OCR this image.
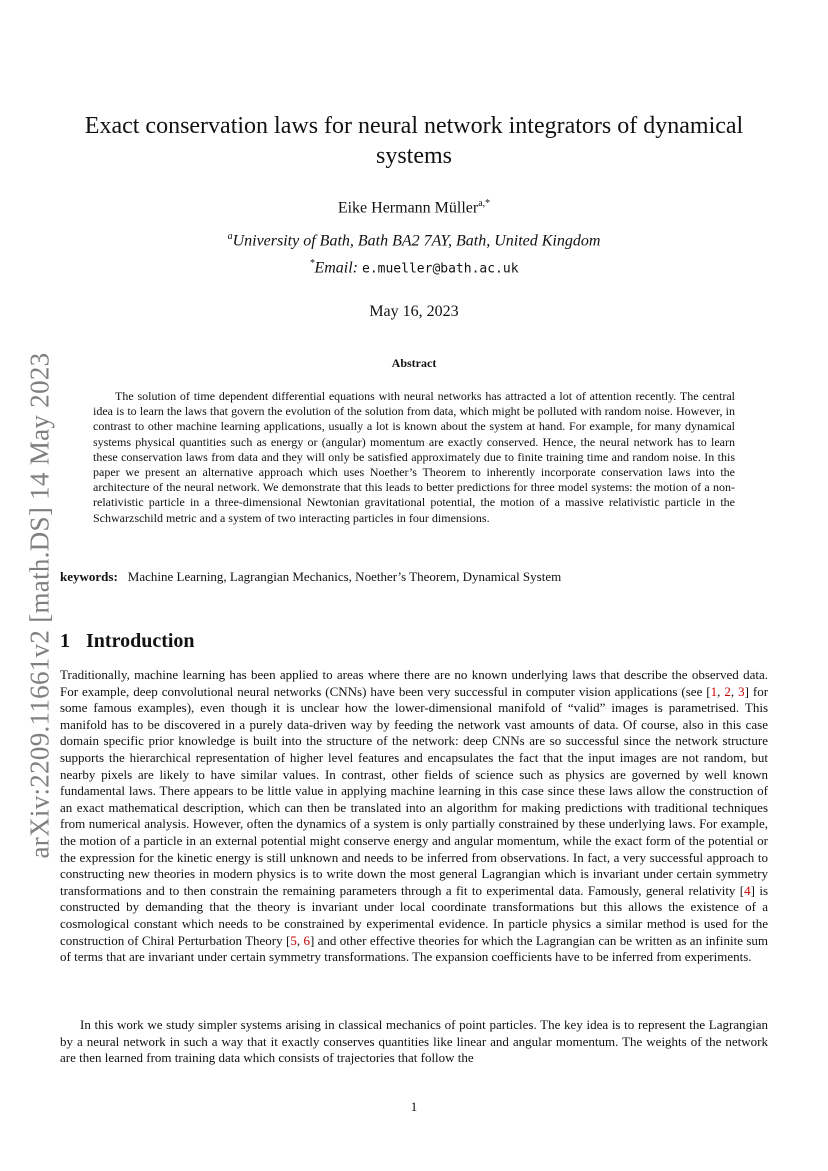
arXiv:2209.11661v2 [math.DS] 14 May 2023
Exact conservation laws for neural network integrators of dynamical systems
Eike Hermann Müller$^{a,*}$
$^a$University of Bath, Bath BA2 7AY, Bath, United Kingdom
*Email: e.mueller@bath.ac.uk
May 16, 2023
Abstract

The solution of time dependent differential equations with neural networks has attracted a lot of attention recently. The central idea is to learn the laws that govern the evolution of the solution from data, which might be polluted with random noise. However, in contrast to other machine learning applications, usually a lot is known about the system at hand. For example, for many dynamical systems physical quantities such as energy or (angular) momentum are exactly conserved. Hence, the neural network has to learn these conservation laws from data and they will only be satisfied approximately due to finite training time and random noise. In this paper we present an alternative approach which uses Noether’s Theorem to inherently incorporate conservation laws into the architecture of the neural network. We demonstrate that this leads to better predictions for three model systems: the motion of a non-relativistic particle in a three-dimensional Newtonian gravitational potential, the motion of a massive relativistic particle in the Schwarzschild metric and a system of two interacting particles in four dimensions.

keywords: Machine Learning, Lagrangian Mechanics, Noether’s Theorem, Dynamical System
1 Introduction

Traditionally, machine learning has been applied to areas where there are no known underlying laws that describe the observed data. For example, deep convolutional neural networks (CNNs) have been very successful in computer vision applications (see [1, 2, 3] for some famous examples), even though it is unclear how the lower-dimensional manifold of “valid” images is parametrised. This manifold has to be discovered in a purely data-driven way by feeding the network vast amounts of data. Of course, also in this case domain specific prior knowledge is built into the structure of the network: deep CNNs are so successful since the network structure supports the hierarchical representation of higher level features and encapsulates the fact that the input images are not random, but nearby pixels are likely to have similar values. In contrast, other fields of science such as physics are governed by well known fundamental laws. There appears to be little value in applying machine learning in this case since these laws allow the construction of an exact mathematical description, which can then be translated into an algorithm for making predictions with traditional techniques from numerical analysis. However, often the dynamics of a system is only partially constrained by these underlying laws. For example, the motion of a particle in an external potential might conserve energy and angular momentum, while the exact form of the potential or the expression for the kinetic energy is still unknown and needs to be inferred from observations. In fact, a very successful approach to constructing new theories in modern physics is to write down the most general Lagrangian which is invariant under certain symmetry transformations and to then constrain the remaining parameters through a fit to experimental data. Famously, general relativity [4] is constructed by demanding that the theory is invariant under local coordinate transformations but this allows the existence of a cosmological constant which needs to be constrained by experimental evidence. In particle physics a similar method is used for the construction of Chiral Perturbation Theory [5, 6] and other effective theories for which the Lagrangian can be written as an infinite sum of terms that are invariant under certain symmetry transformations. The expansion coefficients have to be inferred from experiments.

In this work we study simpler systems arising in classical mechanics of point particles. The key idea is to represent the Lagrangian by a neural network in such a way that it exactly conserves quantities like linear and angular momentum. The weights of the network are then learned from training data which consists of trajectories that follow the

1
